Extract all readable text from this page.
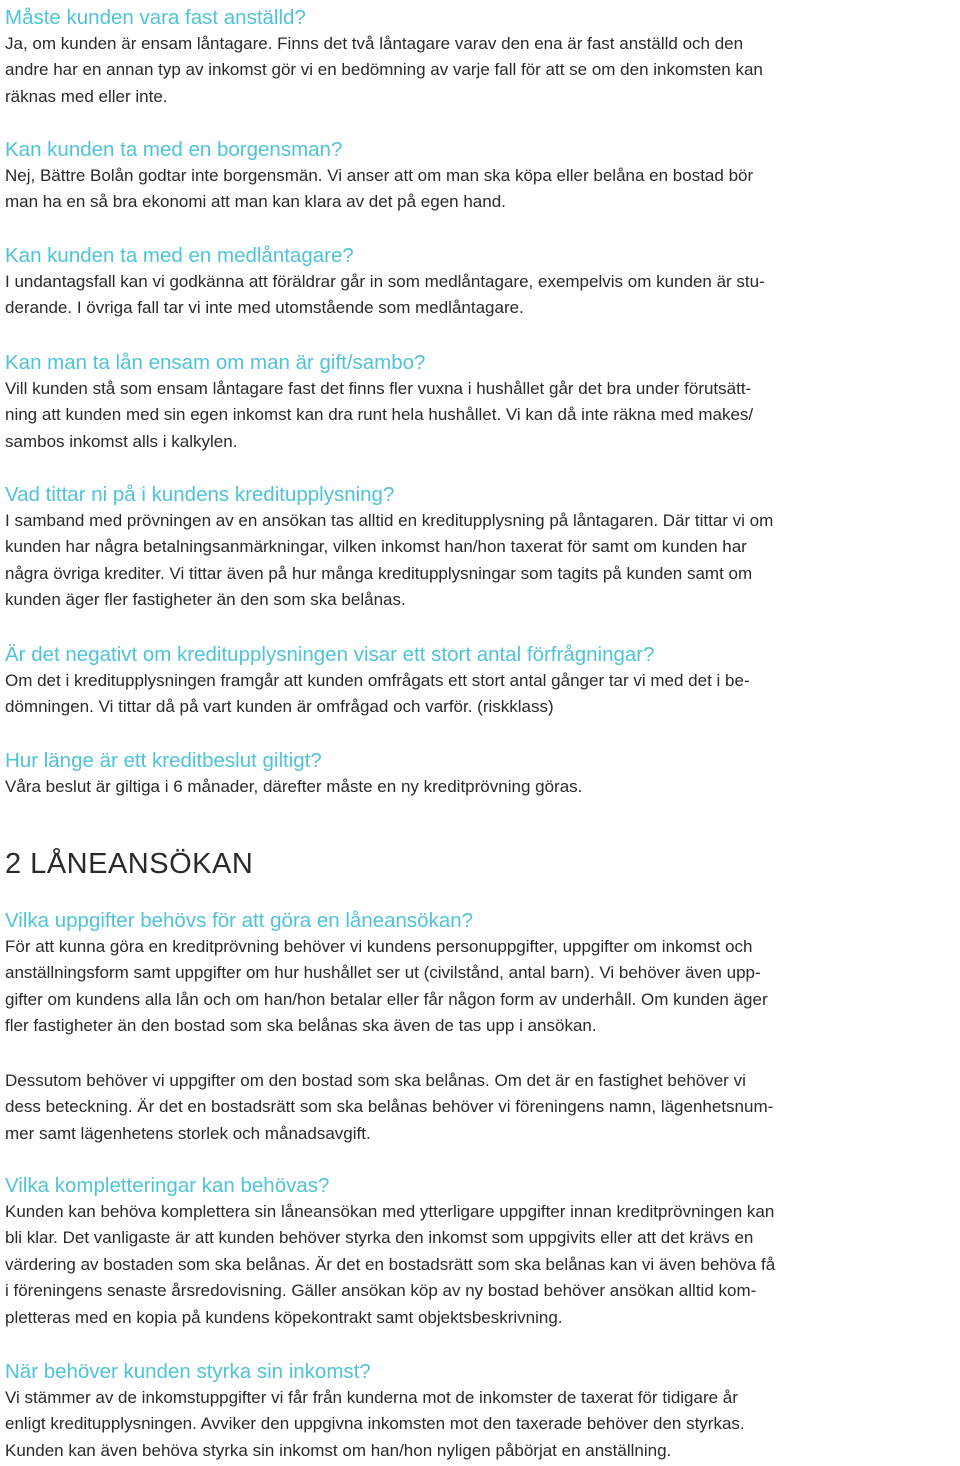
Måste kunden vara fast anställd?
Ja, om kunden är ensam låntagare. Finns det två låntagare varav den ena är fast anställd och den
andre har en annan typ av inkomst gör vi en bedömning av varje fall för att se om den inkomsten kan
räknas med eller inte.
Kan kunden ta med en borgensman?
Nej, Bättre Bolån godtar inte borgensmän. Vi anser att om man ska köpa eller belåna en bostad bör
man ha en så bra ekonomi att man kan klara av det på egen hand.
Kan kunden ta med en medlåntagare?
I undantagsfall kan vi godkänna att föräldrar går in som medlåntagare, exempelvis om kunden är stu-
derande. I övriga fall tar vi inte med utomstående som medlåntagare.
Kan man ta lån ensam om man är gift/sambo?
Vill kunden stå som ensam låntagare fast det finns fler vuxna i hushållet går det bra under förutsätt-
ning att kunden med sin egen inkomst kan dra runt hela hushållet. Vi kan då inte räkna med makes/
sambos inkomst alls i kalkylen.
Vad tittar ni på i kundens kreditupplysning?
I samband med prövningen av en ansökan tas alltid en kreditupplysning på låntagaren. Där tittar vi om
kunden har några betalningsanmärkningar, vilken inkomst han/hon taxerat för samt om kunden har
några övriga krediter. Vi tittar även på hur många kreditupplysningar som tagits på kunden samt om
kunden äger fler fastigheter än den som ska belånas.
Är det negativt om kreditupplysningen visar ett stort antal förfrågningar?
Om det i kreditupplysningen framgår att kunden omfrågats ett stort antal gånger tar vi med det i be-
dömningen. Vi tittar då på vart kunden är omfrågad och varför. (riskklass)
Hur länge är ett kreditbeslut giltigt?
Våra beslut är giltiga i 6 månader, därefter måste en ny kreditprövning göras.
2 LÅNEANSÖKAN
Vilka uppgifter behövs för att göra en låneansökan?
För att kunna göra en kreditprövning behöver vi kundens personuppgifter, uppgifter om inkomst och
anställningsform samt uppgifter om hur hushållet ser ut (civilstånd, antal barn). Vi behöver även upp-
gifter om kundens alla lån och om han/hon betalar eller får någon form av underhåll. Om kunden äger
fler fastigheter än den bostad som ska belånas ska även de tas upp i ansökan.
Dessutom behöver vi uppgifter om den bostad som ska belånas. Om det är en fastighet behöver vi
dess beteckning. Är det en bostadsrätt som ska belånas behöver vi föreningens namn, lägenhetsnum-
mer samt lägenhetens storlek och månadsavgift.
Vilka kompletteringar kan behövas?
Kunden kan behöva komplettera sin låneansökan med ytterligare uppgifter innan kreditprövningen kan
bli klar. Det vanligaste är att kunden behöver styrka den inkomst som uppgivits eller att det krävs en
värdering av bostaden som ska belånas. Är det en bostadsrätt som ska belånas kan vi även behöva få
i föreningens senaste årsredovisning. Gäller ansökan köp av ny bostad behöver ansökan alltid kom-
pletteras med en kopia på kundens köpekontrakt samt objektsbeskrivning.
När behöver kunden styrka sin inkomst?
Vi stämmer av de inkomstuppgifter vi får från kunderna mot de inkomster de taxerat för tidigare år
enligt kreditupplysningen. Avviker den uppgivna inkomsten mot den taxerade behöver den styrkas.
Kunden kan även behöva styrka sin inkomst om han/hon nyligen påbörjat en anställning.
